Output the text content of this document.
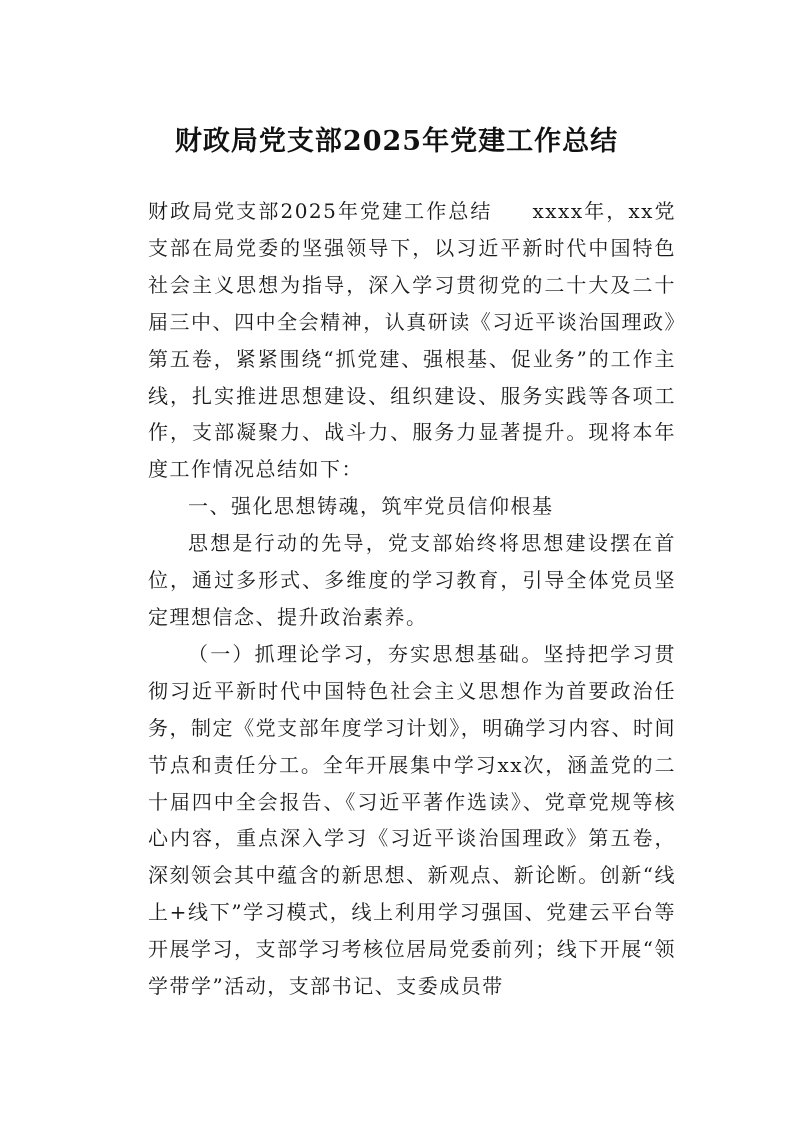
财政局党支部2025年党建工作总结

财政局党支部2025年党建工作总结 xxxx年，xx党支部在局党委的坚强领导下，以习近平新时代中国特色社会主义思想为指导，深入学习贯彻党的二十大及二十届三中、四中全会精神，认真研读《习近平谈治国理政》第五卷，紧紧围绕“抓党建、强根基、促业务”的工作主线，扎实推进思想建设、组织建设、服务实践等各项工作，支部凝聚力、战斗力、服务力显著提升。现将本年度工作情况总结如下：

一、强化思想铸魂，筑牢党员信仰根基

思想是行动的先导，党支部始终将思想建设摆在首位，通过多形式、多维度的学习教育，引导全体党员坚定理想信念、提升政治素养。

（一）抓理论学习，夯实思想基础。坚持把学习贯彻习近平新时代中国特色社会主义思想作为首要政治任务，制定《党支部年度学习计划》，明确学习内容、时间节点和责任分工。全年开展集中学习xx次，涵盖党的二十届四中全会报告、《习近平著作选读》、党章党规等核心内容，重点深入学习《习近平谈治国理政》第五卷，深刻领会其中蕴含的新思想、新观点、新论断。创新“线上+线下”学习模式，线上利用学习强国、党建云平台等开展学习，支部学习考核位居局党委前列；线下开展“领学带学”活动，支部书记、支委成员带
